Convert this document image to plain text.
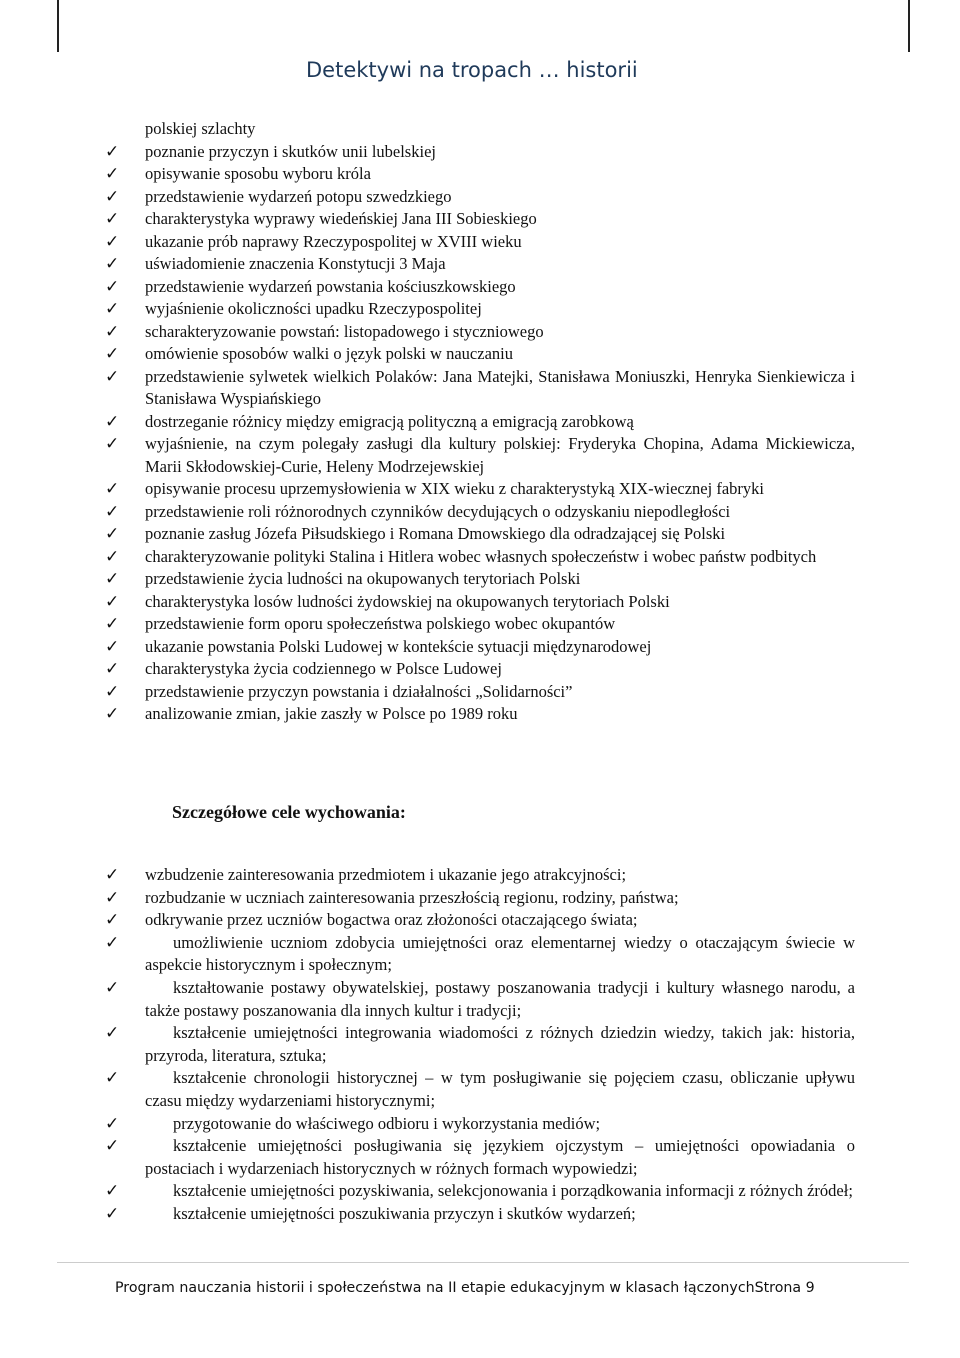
Detektywi na tropach … historii
polskiej szlachty
✓	poznanie przyczyn i skutków unii lubelskiej
✓	opisywanie sposobu wyboru króla
✓	przedstawienie wydarzeń potopu szwedzkiego
✓	charakterystyka wyprawy wiedeńskiej Jana III Sobieskiego
✓	ukazanie prób naprawy Rzeczypospolitej w XVIII wieku
✓	uświadomienie znaczenia Konstytucji 3 Maja
✓	przedstawienie wydarzeń powstania kościuszkowskiego
✓	wyjaśnienie okoliczności upadku Rzeczypospolitej
✓	scharakteryzowanie powstań: listopadowego i styczniowego
✓	omówienie sposobów walki o język polski w nauczaniu
✓	przedstawienie sylwetek wielkich Polaków: Jana Matejki, Stanisława Moniuszki, Henryka Sienkiewicza i Stanisława Wyspiańskiego
✓	dostrzeganie różnicy między emigracją polityczną a emigracją zarobkową
✓	wyjaśnienie, na czym polegały zasługi dla kultury polskiej: Fryderyka Chopina, Adama Mickiewicza, Marii Skłodowskiej-Curie, Heleny Modrzejewskiej
✓	opisywanie procesu uprzemysłowienia w XIX wieku z charakterystyką XIX-wiecznej fabryki
✓	przedstawienie roli różnorodnych czynników decydujących o odzyskaniu niepodległości
✓	poznanie zasług Józefa Piłsudskiego i Romana Dmowskiego dla odradzającej się Polski
✓	charakteryzowanie polityki Stalina i Hitlera wobec własnych społeczeństw i wobec państw podbitych
✓	przedstawienie życia ludności na okupowanych terytoriach Polski
✓	charakterystyka losów ludności żydowskiej na okupowanych terytoriach Polski
✓	przedstawienie form oporu społeczeństwa polskiego wobec okupantów
✓	ukazanie powstania Polski Ludowej w kontekście sytuacji międzynarodowej
✓	charakterystyka życia codziennego w Polsce Ludowej
✓	przedstawienie przyczyn powstania i działalności „Solidarności”
✓	analizowanie zmian, jakie zaszły w Polsce po 1989 roku
Szczegółowe cele wychowania:
✓	wzbudzenie zainteresowania przedmiotem i ukazanie jego atrakcyjności;
✓	rozbudzanie w uczniach zainteresowania przeszłością regionu, rodziny, państwa;
✓	odkrywanie przez uczniów bogactwa oraz złożoności otaczającego świata;
✓	umożliwienie uczniom zdobycia umiejętności oraz elementarnej wiedzy o otaczającym świecie w aspekcie historycznym i społecznym;
✓	kształtowanie postawy obywatelskiej, postawy poszanowania tradycji i kultury własnego narodu, a także postawy poszanowania dla innych kultur i tradycji;
✓	kształcenie umiejętności integrowania wiadomości z różnych dziedzin wiedzy, takich jak: historia, przyroda, literatura, sztuka;
✓	kształcenie chronologii historycznej – w tym posługiwanie się pojęciem czasu, obliczanie upływu czasu między wydarzeniami historycznymi;
✓	przygotowanie do właściwego odbioru i wykorzystania mediów;
✓	kształcenie umiejętności posługiwania się językiem ojczystym – umiejętności opowiadania o postaciach i wydarzeniach historycznych w różnych formach wypowiedzi;
✓	kształcenie umiejętności pozyskiwania, selekcjonowania i porządkowania informacji z różnych źródeł;
✓	kształcenie umiejętności poszukiwania przyczyn i skutków wydarzeń;
Program nauczania historii i społeczeństwa na II etapie edukacyjnym w klasach łączonychStrona 9
